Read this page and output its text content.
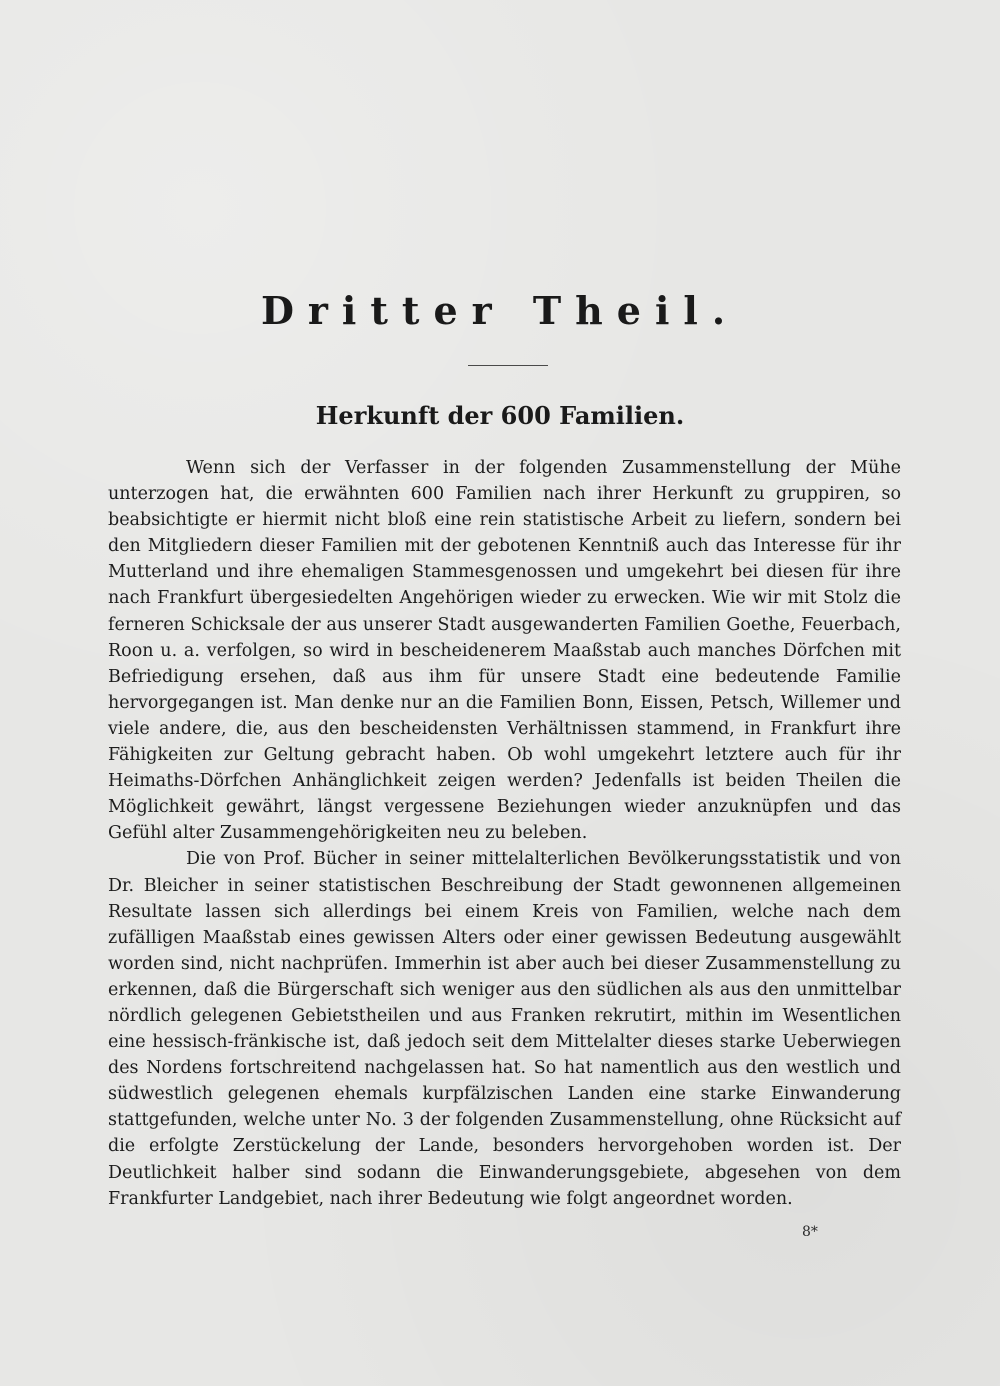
Dritter Theil.
Herkunft der 600 Familien.

Wenn sich der Verfasser in der folgenden Zusammenstellung der Mühe unterzogen hat, die erwähnten 600 Familien nach ihrer Herkunft zu gruppiren, so beabsichtigte er hiermit nicht bloß eine rein statistische Arbeit zu liefern, sondern bei den Mitgliedern dieser Familien mit der gebotenen Kenntniß auch das Interesse für ihr Mutterland und ihre ehemaligen Stammesgenossen und umgekehrt bei diesen für ihre nach Frankfurt übergesiedelten Angehörigen wieder zu erwecken. Wie wir mit Stolz die ferneren Schicksale der aus unserer Stadt ausgewanderten Familien Goethe, Feuerbach, Roon u. a. verfolgen, so wird in bescheidenerem Maaßstab auch manches Dörfchen mit Befriedigung ersehen, daß aus ihm für unsere Stadt eine bedeutende Familie hervorgegangen ist. Man denke nur an die Familien Bonn, Eissen, Petsch, Willemer und viele andere, die, aus den bescheidensten Verhältnissen stammend, in Frankfurt ihre Fähigkeiten zur Geltung gebracht haben. Ob wohl umgekehrt letztere auch für ihr Heimaths-Dörfchen Anhänglichkeit zeigen werden? Jedenfalls ist beiden Theilen die Möglichkeit gewährt, längst vergessene Beziehungen wieder anzuknüpfen und das Gefühl alter Zusammengehörigkeiten neu zu beleben.

Die von Prof. Bücher in seiner mittelalterlichen Bevölkerungsstatistik und von Dr. Bleicher in seiner statistischen Beschreibung der Stadt gewonnenen allgemeinen Resultate lassen sich allerdings bei einem Kreis von Familien, welche nach dem zufälligen Maaßstab eines gewissen Alters oder einer gewissen Bedeutung ausgewählt worden sind, nicht nachprüfen. Immerhin ist aber auch bei dieser Zusammenstellung zu erkennen, daß die Bürgerschaft sich weniger aus den südlichen als aus den unmittelbar nördlich gelegenen Gebietstheilen und aus Franken rekrutirt, mithin im Wesentlichen eine hessisch-fränkische ist, daß jedoch seit dem Mittelalter dieses starke Ueberwiegen des Nordens fortschreitend nachgelassen hat. So hat namentlich aus den westlich und südwestlich gelegenen ehemals kurpfälzischen Landen eine starke Einwanderung stattgefunden, welche unter No. 3 der folgenden Zusammenstellung, ohne Rücksicht auf die erfolgte Zerstückelung der Lande, besonders hervorgehoben worden ist. Der Deutlichkeit halber sind sodann die Einwanderungsgebiete, abgesehen von dem Frankfurter Landgebiet, nach ihrer Bedeutung wie folgt angeordnet worden.

8*
